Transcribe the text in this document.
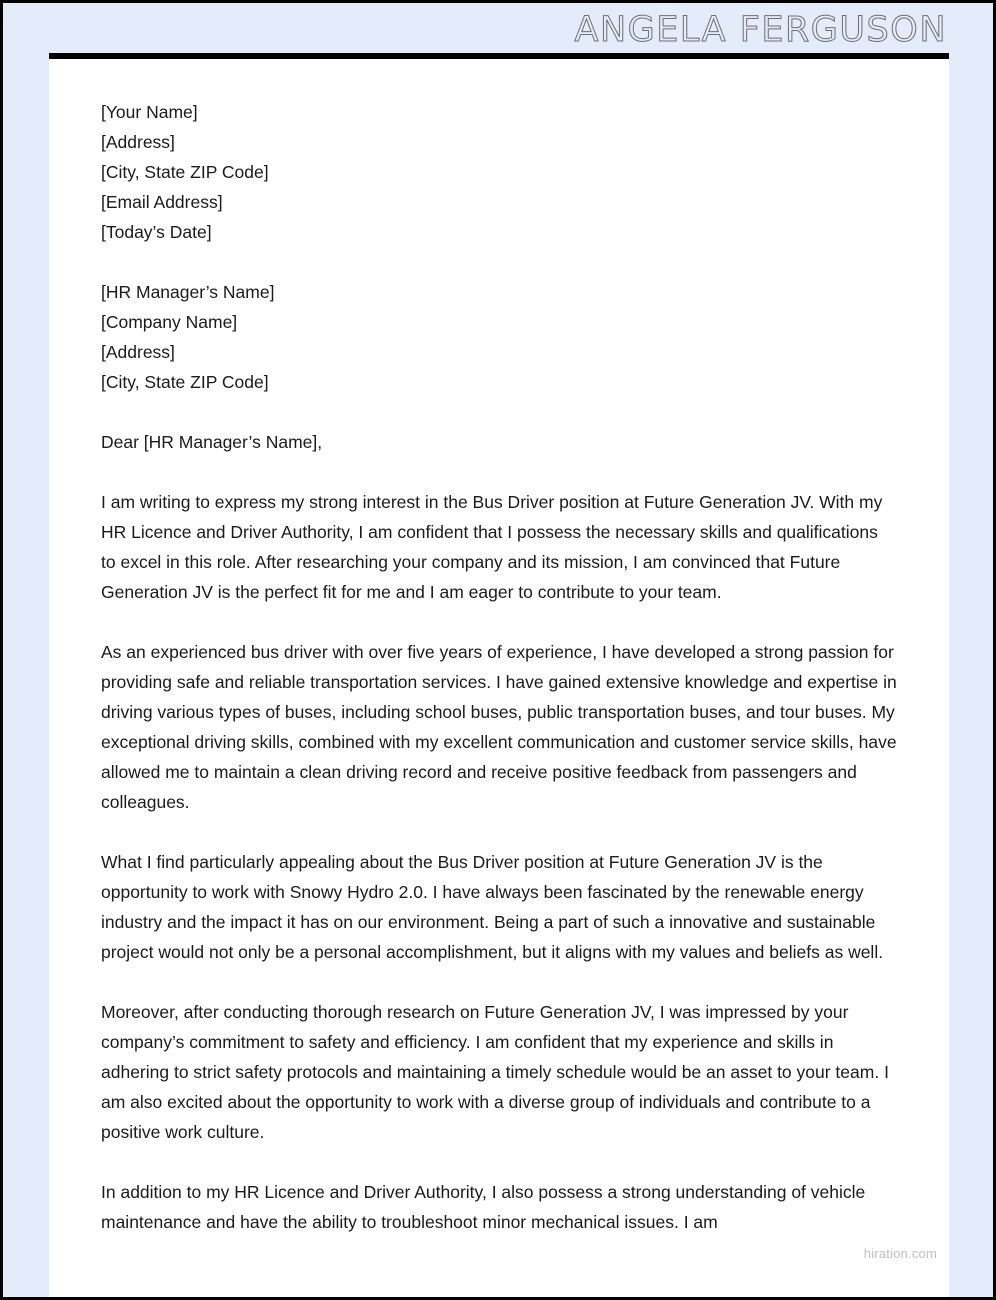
ANGELA FERGUSON
[Your Name]
[Address]
[City, State ZIP Code]
[Email Address]
[Today’s Date]
[HR Manager’s Name]
[Company Name]
[Address]
[City, State ZIP Code]
Dear [HR Manager’s Name],

I am writing to express my strong interest in the Bus Driver position at Future Generation JV. With my HR Licence and Driver Authority, I am confident that I possess the necessary skills and qualifications to excel in this role. After researching your company and its mission, I am convinced that Future Generation JV is the perfect fit for me and I am eager to contribute to your team.

As an experienced bus driver with over five years of experience, I have developed a strong passion for providing safe and reliable transportation services. I have gained extensive knowledge and expertise in driving various types of buses, including school buses, public transportation buses, and tour buses. My exceptional driving skills, combined with my excellent communication and customer service skills, have allowed me to maintain a clean driving record and receive positive feedback from passengers and colleagues.

What I find particularly appealing about the Bus Driver position at Future Generation JV is the opportunity to work with Snowy Hydro 2.0. I have always been fascinated by the renewable energy industry and the impact it has on our environment. Being a part of such a innovative and sustainable project would not only be a personal accomplishment, but it aligns with my values and beliefs as well.

Moreover, after conducting thorough research on Future Generation JV, I was impressed by your company’s commitment to safety and efficiency. I am confident that my experience and skills in adhering to strict safety protocols and maintaining a timely schedule would be an asset to your team. I am also excited about the opportunity to work with a diverse group of individuals and contribute to a positive work culture.

In addition to my HR Licence and Driver Authority, I also possess a strong understanding of vehicle maintenance and have the ability to troubleshoot minor mechanical issues. I am

hiration.com
